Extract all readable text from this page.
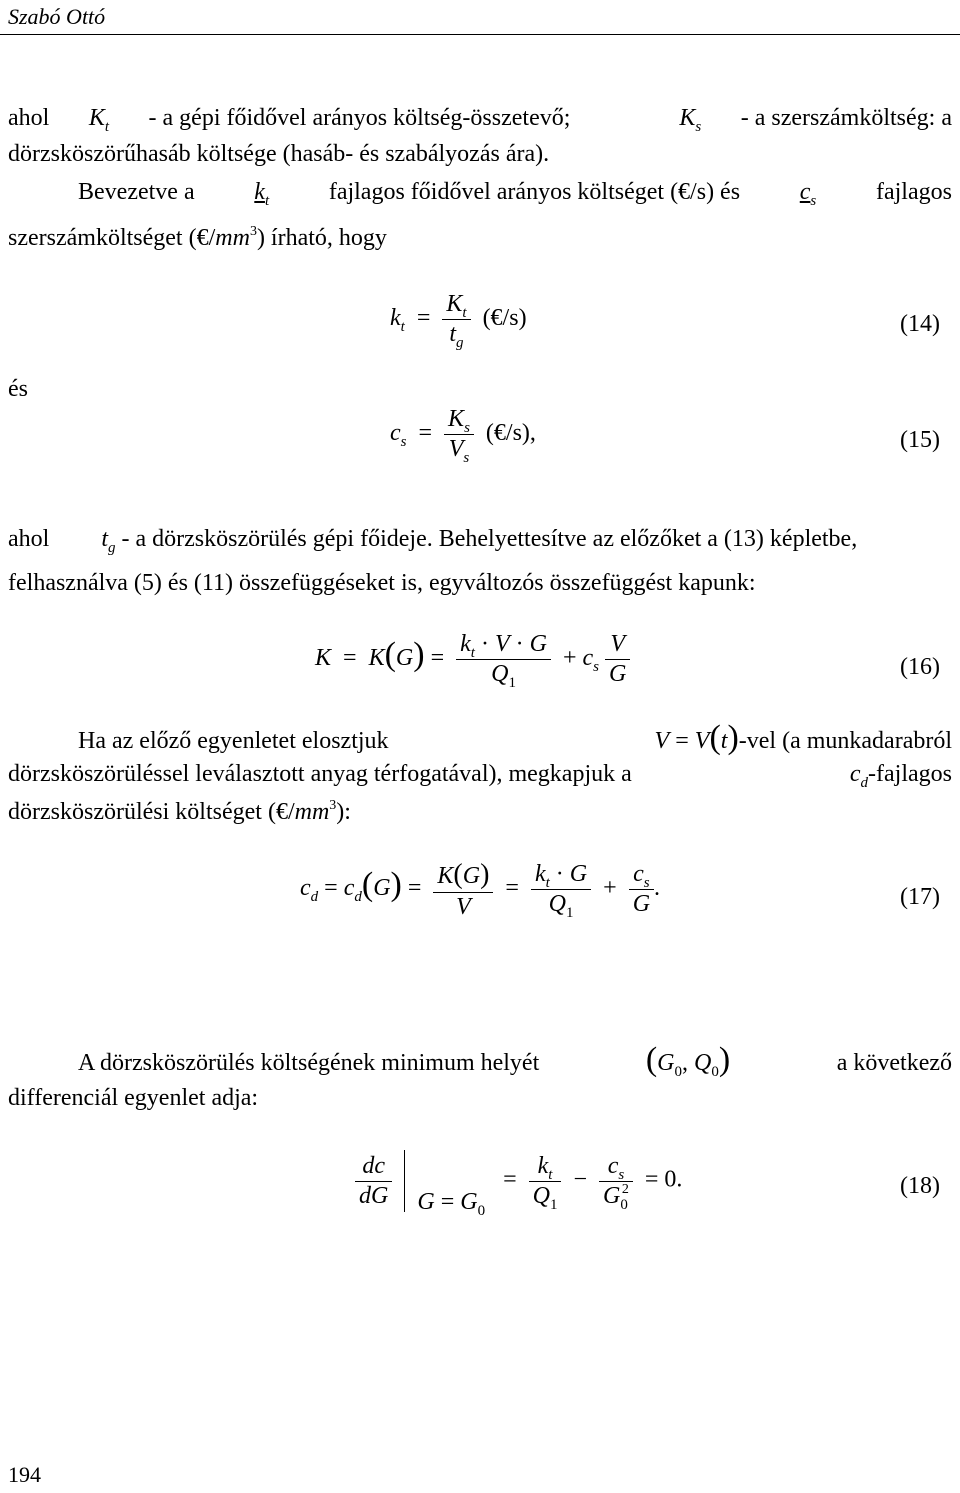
Szabó Ottó
ahol $K_t$ - a gépi főidővel arányos költség-összetevő;	$K_s$ - a szerszámköltség: a
dörzsköszörűhasáb költsége (hasáb- és szabályozás ára).
Bevezetve a $k_t$ fajlagos főidővel arányos költséget (€/s) és $c_s$ fajlagos
szerszámköltséget $(€/mm^3)$ írható, hogy
$k_t = \frac{K_t}{t_g}$ (€/s)	(14)
és
$c_s = \frac{K_s}{V_s}$ (€/s),	(15)
ahol $t_g$ - a dörzsköszörülés gépi főideje. Behelyettesítve az előzőket a (13) képletbe,
felhasználva (5) és (11) összefüggéseket is, egyváltozós összefüggést kapunk:
$K = K(G) = \frac{k_t \cdot V \cdot G}{Q_1} + c_s \frac{V}{G}$	(16)
Ha az előző egyenletet elosztjuk	V = V(t)-vel (a munkadarabról
dörzsköszörüléssel leválasztott anyag térfogatával), megkapjuk a	$c_d$-fajlagos
dörzsköszörülési költséget $(€/mm^3)$:
$c_d = c_d(G) = \frac{K(G)}{V} = \frac{k_t \cdot G}{Q_1} + \frac{c_s}{G}$ .	(17)
A dörzsköszörülés költségének minimum helyét	($G_0$, $Q_0$)	a következő
differenciál egyenlet adja:
$\frac{dc}{dG}$ $G = G_0 = \frac{k_t}{Q_1} - \frac{c_s}{G_0^2} = 0$.	(18)
194
